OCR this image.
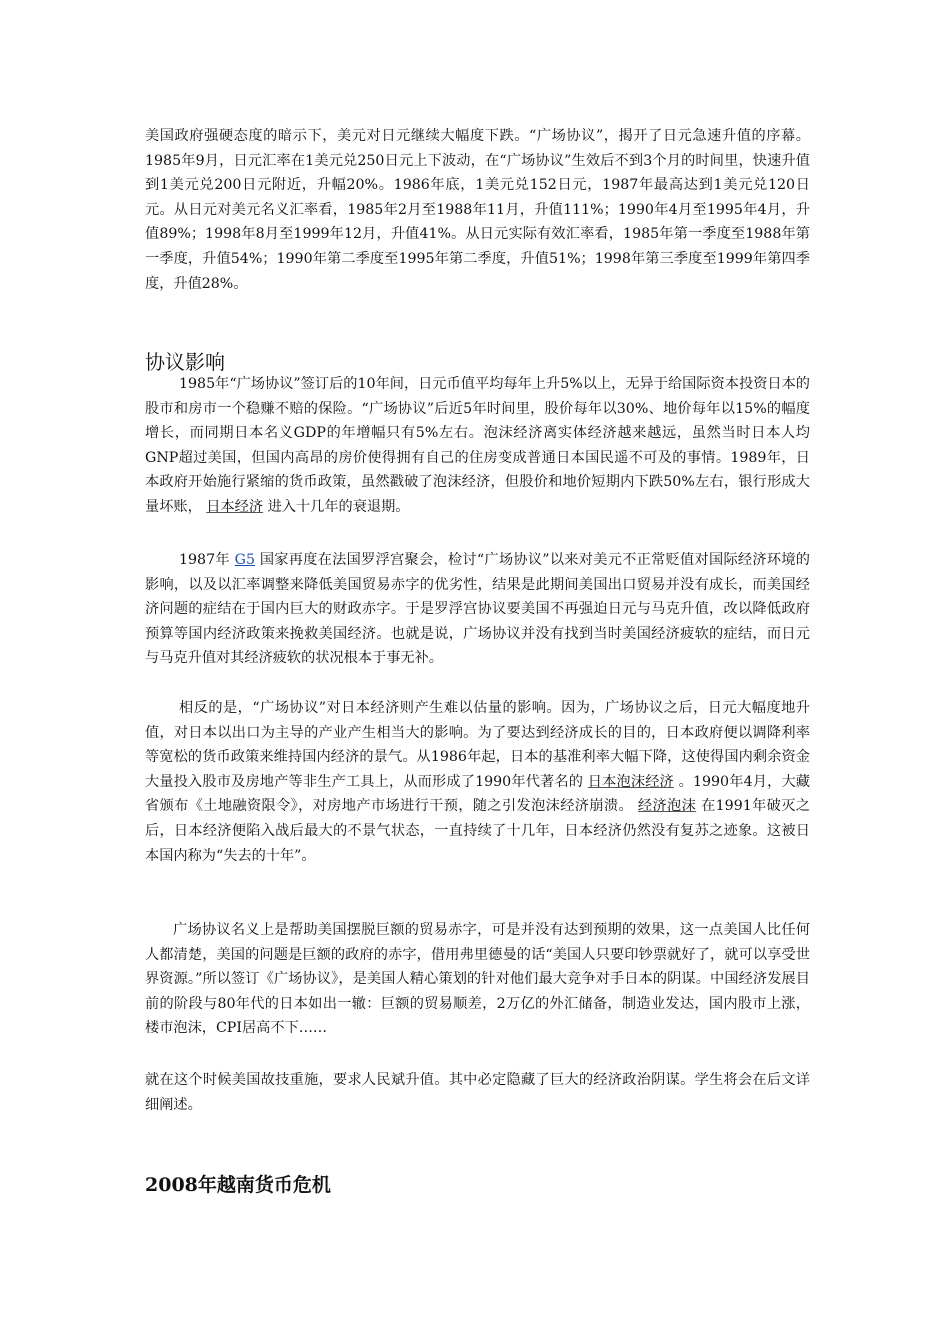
美国政府强硬态度的暗示下，美元对日元继续大幅度下跌。“广场协议”，揭开了日元急速升值的序幕。1985年9月，日元汇率在1美元兑250日元上下波动，在“广场协议”生效后不到3个月的时间里，快速升值到1美元兑200日元附近，升幅20%。1986年底，1美元兑152日元，1987年最高达到1美元兑120日元。从日元对美元名义汇率看，1985年2月至1988年11月，升值111%；1990年4月至1995年4月，升值89%；1998年8月至1999年12月，升值41%。从日元实际有效汇率看，1985年第一季度至1988年第一季度，升值54%；1990年第二季度至1995年第二季度，升值51%；1998年第三季度至1999年第四季度，升值28%。

协议影响

1985年“广场协议”签订后的10年间，日元币值平均每年上升5%以上，无异于给国际资本投资日本的股市和房市一个稳赚不赔的保险。“广场协议”后近5年时间里，股价每年以30%、地价每年以15%的幅度增长，而同期日本名义GDP的年增幅只有5%左右。泡沫经济离实体经济越来越远，虽然当时日本人均GNP超过美国，但国内高昂的房价使得拥有自己的住房变成普通日本国民遥不可及的事情。1989年，日本政府开始施行紧缩的货币政策，虽然戳破了泡沫经济，但股价和地价短期内下跌50%左右，银行形成大量坏账， 日本经济 进入十几年的衰退期。

1987年 G5 国家再度在法国罗浮宫聚会，检讨“广场协议”以来对美元不正常贬值对国际经济环境的影响，以及以汇率调整来降低美国贸易赤字的优劣性，结果是此期间美国出口贸易并没有成长，而美国经济问题的症结在于国内巨大的财政赤字。于是罗浮宫协议要美国不再强迫日元与马克升值，改以降低政府预算等国内经济政策来挽救美国经济。也就是说，广场协议并没有找到当时美国经济疲软的症结，而日元与马克升值对其经济疲软的状况根本于事无补。

相反的是，“广场协议”对日本经济则产生难以估量的影响。因为，广场协议之后，日元大幅度地升值，对日本以出口为主导的产业产生相当大的影响。为了要达到经济成长的目的，日本政府便以调降利率等宽松的货币政策来维持国内经济的景气。从1986年起，日本的基准利率大幅下降，这使得国内剩余资金大量投入股市及房地产等非生产工具上，从而形成了1990年代著名的 日本泡沫经济 。1990年4月，大藏省颁布《土地融资限令》，对房地产市场进行干预，随之引发泡沫经济崩溃。 经济泡沫 在1991年破灭之后，日本经济便陷入战后最大的不景气状态，一直持续了十几年，日本经济仍然没有复苏之迹象。这被日本国内称为“失去的十年”。

广场协议名义上是帮助美国摆脱巨额的贸易赤字，可是并没有达到预期的效果，这一点美国人比任何人都清楚，美国的问题是巨额的政府的赤字，借用弗里德曼的话“美国人只要印钞票就好了，就可以享受世界资源。”所以签订《广场协议》，是美国人精心策划的针对他们最大竞争对手日本的阴谋。中国经济发展目前的阶段与80年代的日本如出一辙：巨额的贸易顺差，2万亿的外汇储备，制造业发达，国内股市上涨，楼市泡沫，CPI居高不下……

就在这个时候美国故技重施，要求人民斌升值。其中必定隐藏了巨大的经济政治阴谋。学生将会在后文详细阐述。

2008年越南货币危机
